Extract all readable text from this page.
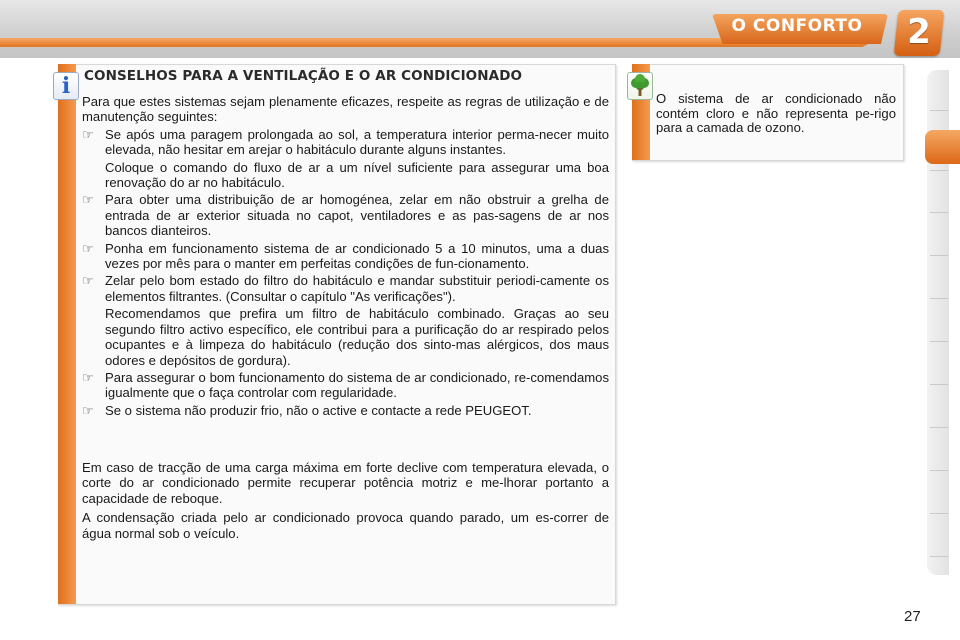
O CONFORTO	2
i	CONSELHOS PARA A VENTILAÇÃO E O AR CONDICIONADO

Para que estes sistemas sejam plenamente eficazes, respeite as regras de utilização e de manutenção seguintes:

☞ Se após uma paragem prolongada ao sol, a temperatura interior perma-necer muito elevada, não hesitar em arejar o habitáculo durante alguns instantes.

Coloque o comando do fluxo de ar a um nível suficiente para assegurar uma boa renovação do ar no habitáculo.

☞ Para obter uma distribuição de ar homogénea, zelar em não obstruir a grelha de entrada de ar exterior situada no capot, ventiladores e as pas-sagens de ar nos bancos dianteiros.
☞ Ponha em funcionamento sistema de ar condicionado 5 a 10 minutos, uma a duas vezes por mês para o manter em perfeitas condições de fun-cionamento.
☞ Zelar pelo bom estado do filtro do habitáculo e mandar substituir periodi-camente os elementos filtrantes. (Consultar o capítulo "As verificações").

Recomendamos que prefira um filtro de habitáculo combinado. Graças ao seu segundo filtro activo específico, ele contribui para a purificação do ar respirado pelos ocupantes e à limpeza do habitáculo (redução dos sinto-mas alérgicos, dos maus odores e depósitos de gordura).

☞ Para assegurar o bom funcionamento do sistema de ar condicionado, re-comendamos igualmente que o faça controlar com regularidade.
☞ Se o sistema não produzir frio, não o active e contacte a rede PEUGEOT.

Em caso de tracção de uma carga máxima em forte declive com temperatura elevada, o corte do ar condicionado permite recuperar potência motriz e me-lhorar portanto a capacidade de reboque.

A condensação criada pelo ar condicionado provoca quando parado, um es-correr de água normal sob o veículo.

O sistema de ar condicionado não contém cloro e não representa pe-rigo para a camada de ozono.
27
